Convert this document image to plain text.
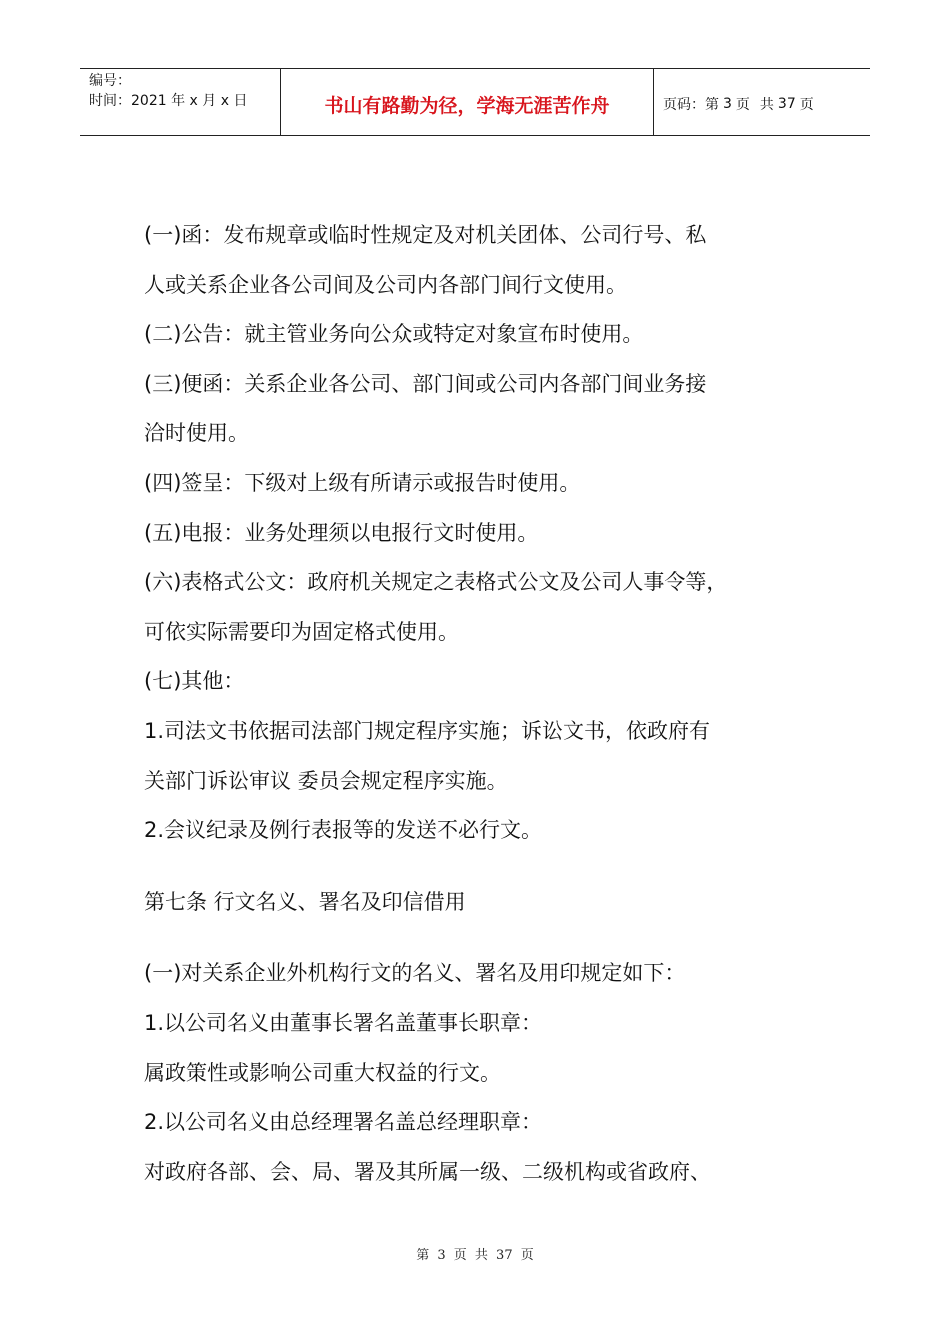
编号：
时间：2021 年 x 月 x 日	书山有路勤为径，学海无涯苦作舟	页码：第 3 页 共 37 页
(一)函：发布规章或临时性规定及对机关团体、公司行号、私
人或关系企业各公司间及公司内各部门间行文使用。
(二)公告：就主管业务向公众或特定对象宣布时使用。
(三)便函：关系企业各公司、部门间或公司内各部门间业务接
洽时使用。
(四)签呈：下级对上级有所请示或报告时使用。
(五)电报：业务处理须以电报行文时使用。
(六)表格式公文：政府机关规定之表格式公文及公司人事令等，
可依实际需要印为固定格式使用。
(七)其他：
1.司法文书依据司法部门规定程序实施；诉讼文书，依政府有
关部门诉讼审议 委员会规定程序实施。
2.会议纪录及例行表报等的发送不必行文。
第七条 行文名义、署名及印信借用
(一)对关系企业外机构行文的名义、署名及用印规定如下：
1.以公司名义由董事长署名盖董事长职章：
属政策性或影响公司重大权益的行文。
2.以公司名义由总经理署名盖总经理职章：
对政府各部、会、局、署及其所属一级、二级机构或省政府、
第 3 页 共 37 页
